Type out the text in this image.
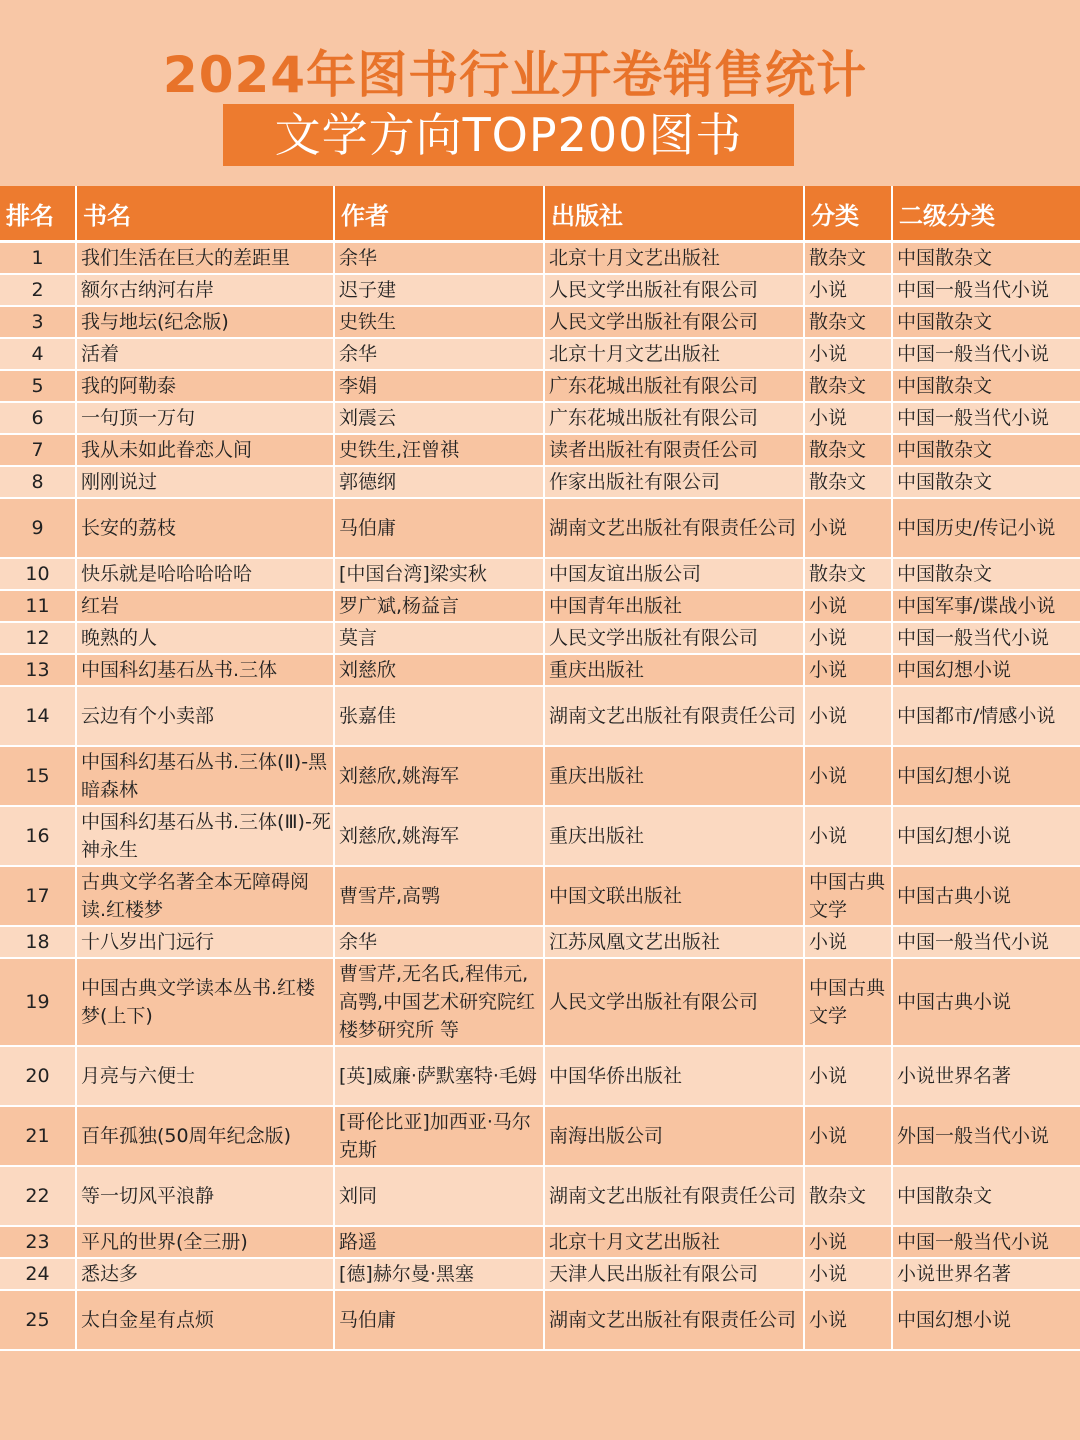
2024年图书行业开卷销售统计
文学方向TOP200图书
排名	书名	作者	出版社	分类	二级分类
1	我们生活在巨大的差距里	余华	北京十月文艺出版社	散杂文	中国散杂文
2	额尔古纳河右岸	迟子建	人民文学出版社有限公司	小说	中国一般当代小说
3	我与地坛(纪念版)	史铁生	人民文学出版社有限公司	散杂文	中国散杂文
4	活着	余华	北京十月文艺出版社	小说	中国一般当代小说
5	我的阿勒泰	李娟	广东花城出版社有限公司	散杂文	中国散杂文
6	一句顶一万句	刘震云	广东花城出版社有限公司	小说	中国一般当代小说
7	我从未如此眷恋人间	史铁生,汪曾祺	读者出版社有限责任公司	散杂文	中国散杂文
8	刚刚说过	郭德纲	作家出版社有限公司	散杂文	中国散杂文
9	长安的荔枝	马伯庸	湖南文艺出版社有限责任公司	小说	中国历史/传记小说
10	快乐就是哈哈哈哈哈	[中国台湾]梁实秋	中国友谊出版公司	散杂文	中国散杂文
11	红岩	罗广斌,杨益言	中国青年出版社	小说	中国军事/谍战小说
12	晚熟的人	莫言	人民文学出版社有限公司	小说	中国一般当代小说
13	中国科幻基石丛书.三体	刘慈欣	重庆出版社	小说	中国幻想小说
14	云边有个小卖部	张嘉佳	湖南文艺出版社有限责任公司	小说	中国都市/情感小说
15	中国科幻基石丛书.三体(Ⅱ)-黑暗森林	刘慈欣,姚海军	重庆出版社	小说	中国幻想小说
16	中国科幻基石丛书.三体(Ⅲ)-死神永生	刘慈欣,姚海军	重庆出版社	小说	中国幻想小说
17	古典文学名著全本无障碍阅读.红楼梦	曹雪芹,高鹗	中国文联出版社	中国古典文学	中国古典小说
18	十八岁出门远行	余华	江苏凤凰文艺出版社	小说	中国一般当代小说
19	中国古典文学读本丛书.红楼梦(上下)	曹雪芹,无名氏,程伟元,高鹗,中国艺术研究院红楼梦研究所 等	人民文学出版社有限公司	中国古典文学	中国古典小说
20	月亮与六便士	[英]威廉·萨默塞特·毛姆	中国华侨出版社	小说	小说世界名著
21	百年孤独(50周年纪念版)	[哥伦比亚]加西亚·马尔克斯	南海出版公司	小说	外国一般当代小说
22	等一切风平浪静	刘同	湖南文艺出版社有限责任公司	散杂文	中国散杂文
23	平凡的世界(全三册)	路遥	北京十月文艺出版社	小说	中国一般当代小说
24	悉达多	[德]赫尔曼·黑塞	天津人民出版社有限公司	小说	小说世界名著
25	太白金星有点烦	马伯庸	湖南文艺出版社有限责任公司	小说	中国幻想小说
